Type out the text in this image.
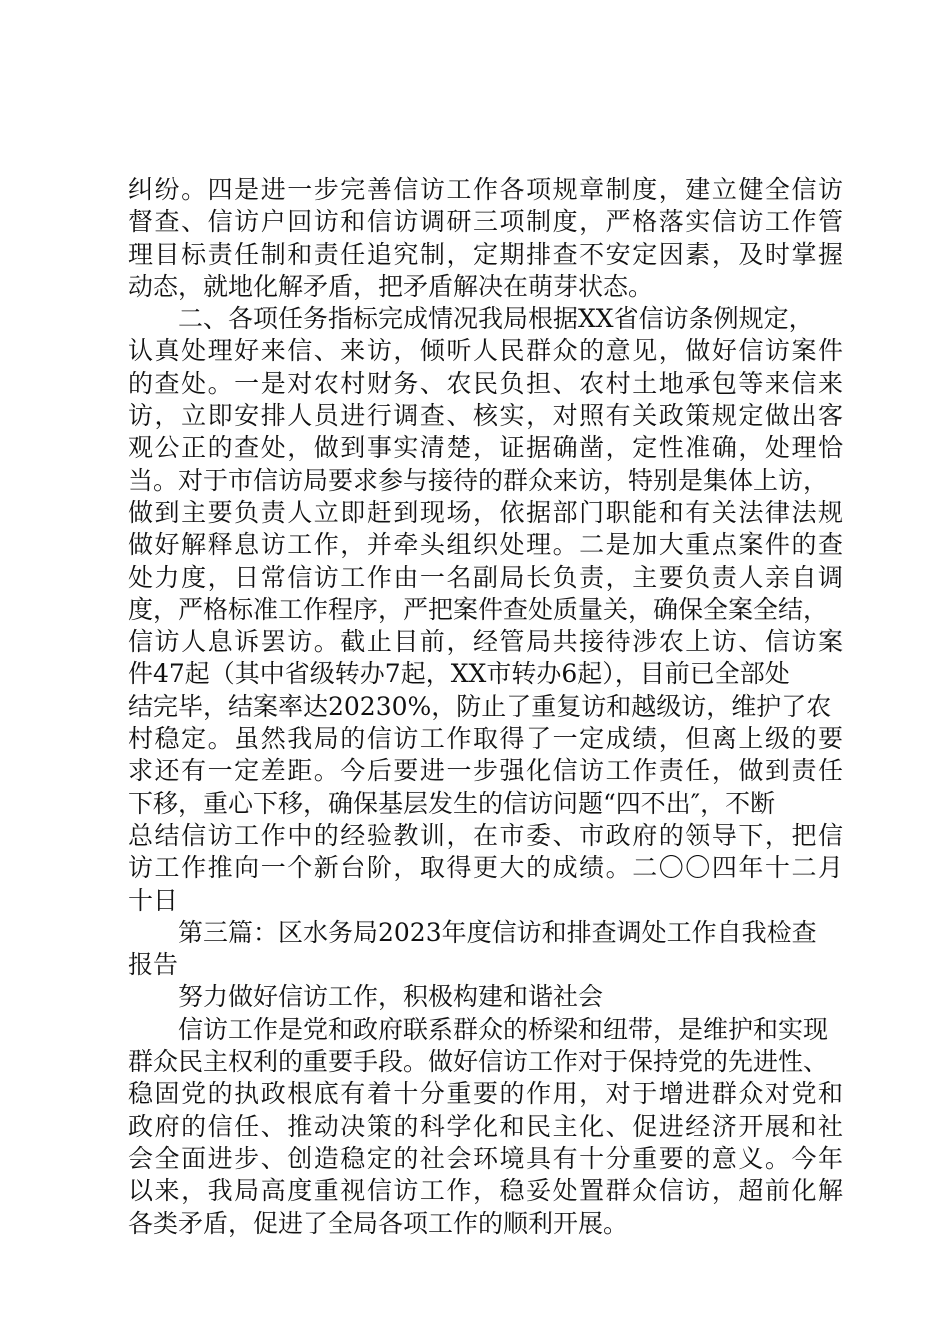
纠纷。四是进一步完善信访工作各项规章制度，建立健全信访
督查、信访户回访和信访调研三项制度，严格落实信访工作管
理目标责任制和责任追究制，定期排查不安定因素，及时掌握
动态，就地化解矛盾，把矛盾解决在萌芽状态。
二、各项任务指标完成情况我局根据XX省信访条例规定，
认真处理好来信、来访，倾听人民群众的意见，做好信访案件
的查处。一是对农村财务、农民负担、农村土地承包等来信来
访，立即安排人员进行调查、核实，对照有关政策规定做出客
观公正的查处，做到事实清楚，证据确凿，定性准确，处理恰
当。对于市信访局要求参与接待的群众来访，特别是集体上访，
做到主要负责人立即赶到现场，依据部门职能和有关法律法规
做好解释息访工作，并牵头组织处理。二是加大重点案件的查
处力度，日常信访工作由一名副局长负责，主要负责人亲自调
度，严格标准工作程序，严把案件查处质量关，确保全案全结，
信访人息诉罢访。截止目前，经管局共接待涉农上访、信访案
件47起（其中省级转办7起，XX市转办6起），目前已全部处
结完毕，结案率达20230%，防止了重复访和越级访，维护了农
村稳定。虽然我局的信访工作取得了一定成绩，但离上级的要
求还有一定差距。今后要进一步强化信访工作责任，做到责任
下移，重心下移，确保基层发生的信访问题“四不出″，不断
总结信访工作中的经验教训，在市委、市政府的领导下，把信
访工作推向一个新台阶，取得更大的成绩。二〇〇四年十二月
十日
第三篇：区水务局2023年度信访和排查调处工作自我检查
报告
努力做好信访工作，积极构建和谐社会
信访工作是党和政府联系群众的桥梁和纽带，是维护和实现
群众民主权利的重要手段。做好信访工作对于保持党的先进性、
稳固党的执政根底有着十分重要的作用，对于增进群众对党和
政府的信任、推动决策的科学化和民主化、促进经济开展和社
会全面进步、创造稳定的社会环境具有十分重要的意义。今年
以来，我局高度重视信访工作，稳妥处置群众信访，超前化解
各类矛盾，促进了全局各项工作的顺利开展。
